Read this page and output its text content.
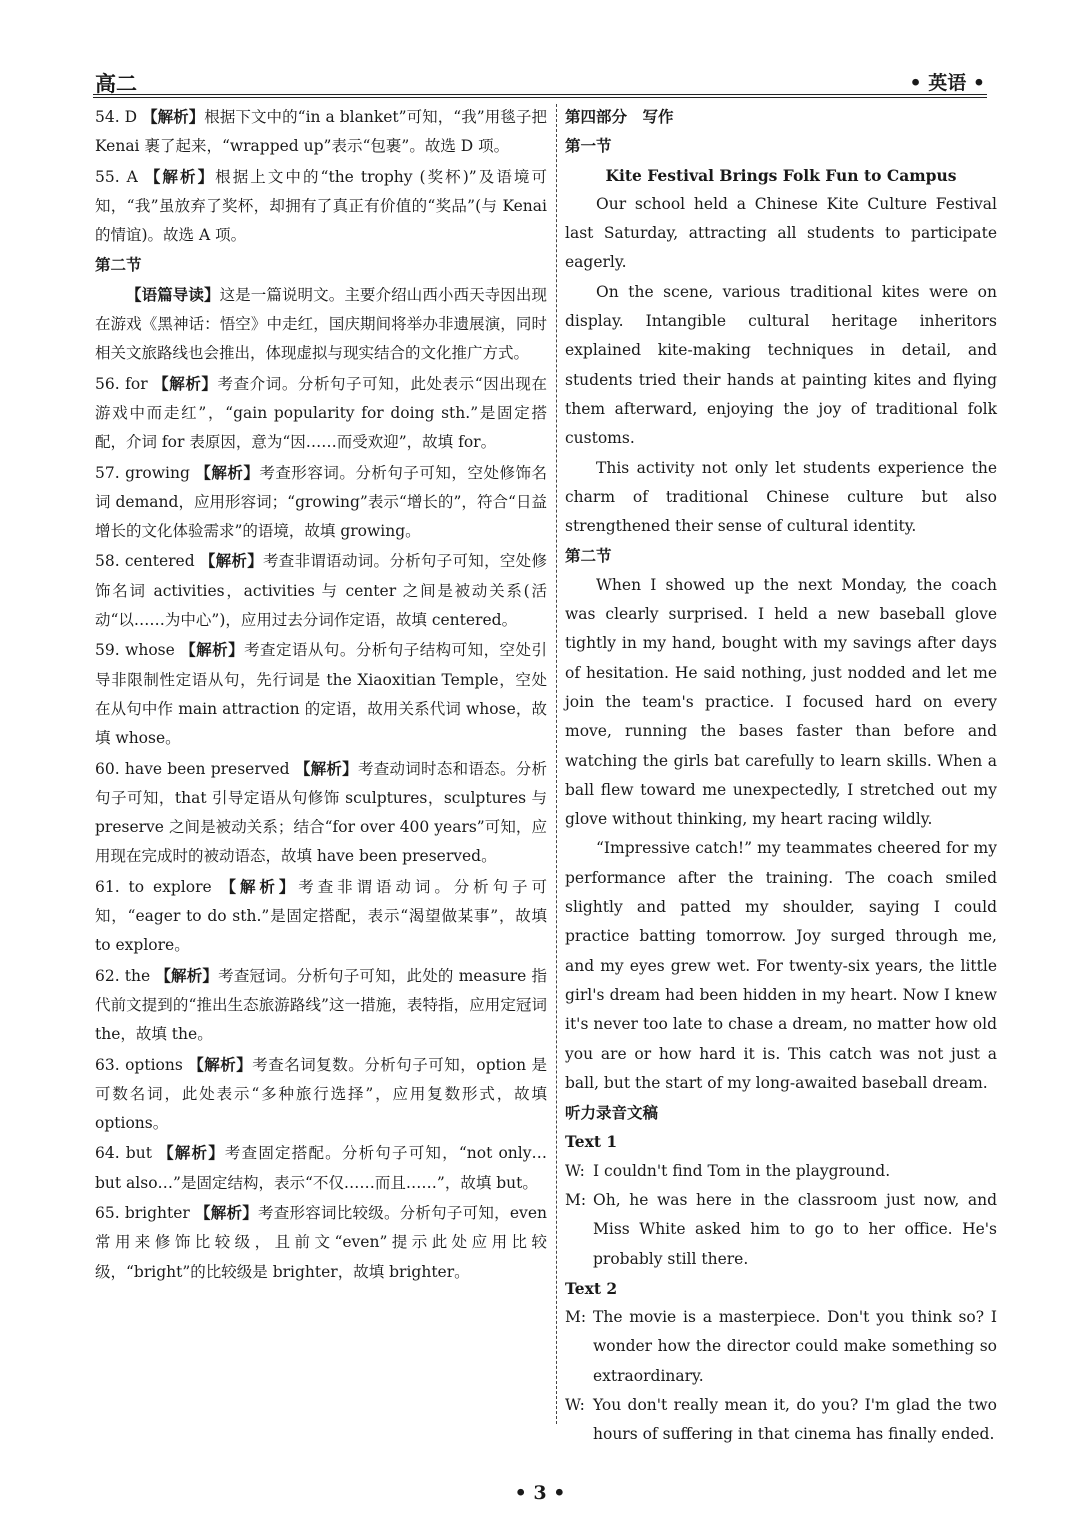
高二	• 英语 •
54. D 【解析】根据下文中的“in a blanket”可知，“我”用毯子把 Kenai 裹了起来，“wrapped up”表示“包裹”。故选 D 项。
55. A 【解析】根据上文中的“the trophy (奖杯)”及语境可知，“我”虽放弃了奖杯，却拥有了真正有价值的“奖品”(与 Kenai 的情谊)。故选 A 项。
第二节
【语篇导读】这是一篇说明文。主要介绍山西小西天寺因出现在游戏《黑神话：悟空》中走红，国庆期间将举办非遗展演，同时相关文旅路线也会推出，体现虚拟与现实结合的文化推广方式。
56. for 【解析】考查介词。分析句子可知，此处表示“因出现在游戏中而走红”，“gain popularity for doing sth.”是固定搭配，介词 for 表原因，意为“因……而受欢迎”，故填 for。
57. growing 【解析】考查形容词。分析句子可知，空处修饰名词 demand，应用形容词；“growing”表示“增长的”，符合“日益增长的文化体验需求”的语境，故填 growing。
58. centered 【解析】考查非谓语动词。分析句子可知，空处修饰名词 activities，activities 与 center 之间是被动关系(活动“以……为中心”)，应用过去分词作定语，故填 centered。
59. whose 【解析】考查定语从句。分析句子结构可知，空处引导非限制性定语从句，先行词是 the Xiaoxitian Temple，空处在从句中作 main attraction 的定语，故用关系代词 whose，故填 whose。
60. have been preserved 【解析】考查动词时态和语态。分析句子可知，that 引导定语从句修饰 sculptures，sculptures 与 preserve 之间是被动关系；结合“for over 400 years”可知，应用现在完成时的被动语态，故填 have been preserved。
61. to explore 【解析】考查非谓语动词。分析句子可知，“eager to do sth.”是固定搭配，表示“渴望做某事”，故填 to explore。
62. the 【解析】考查冠词。分析句子可知，此处的 measure 指代前文提到的“推出生态旅游路线”这一措施，表特指，应用定冠词 the，故填 the。
63. options 【解析】考查名词复数。分析句子可知，option 是可数名词，此处表示“多种旅行选择”，应用复数形式，故填 options。
64. but 【解析】考查固定搭配。分析句子可知，“not only…but also…”是固定结构，表示“不仅……而且……”，故填 but。
65. brighter 【解析】考查形容词比较级。分析句子可知，even 常用来修饰比较级，且前文“even”提示此处应用比较级，“bright”的比较级是 brighter，故填 brighter。
第四部分　写作
第一节
Kite Festival Brings Folk Fun to Campus
Our school held a Chinese Kite Culture Festival last Saturday, attracting all students to participate eagerly.
On the scene, various traditional kites were on display. Intangible cultural heritage inheritors explained kite-making techniques in detail, and students tried their hands at painting kites and flying them afterward, enjoying the joy of traditional folk customs.
This activity not only let students experience the charm of traditional Chinese culture but also strengthened their sense of cultural identity.
第二节
When I showed up the next Monday, the coach was clearly surprised. I held a new baseball glove tightly in my hand, bought with my savings after days of hesitation. He said nothing, just nodded and let me join the team's practice. I focused hard on every move, running the bases faster than before and watching the girls bat carefully to learn skills. When a ball flew toward me unexpectedly, I stretched out my glove without thinking, my heart racing wildly.
“Impressive catch!” my teammates cheered for my performance after the training. The coach smiled slightly and patted my shoulder, saying I could practice batting tomorrow. Joy surged through me, and my eyes grew wet. For twenty-six years, the little girl's dream had been hidden in my heart. Now I knew it's never too late to chase a dream, no matter how old you are or how hard it is. This catch was not just a ball, but the start of my long-awaited baseball dream.
听力录音文稿
Text 1
W: I couldn't find Tom in the playground.
M: Oh, he was here in the classroom just now, and Miss White asked him to go to her office. He's probably still there.
Text 2
M: The movie is a masterpiece. Don't you think so? I wonder how the director could make something so extraordinary.
W: You don't really mean it, do you? I'm glad the two hours of suffering in that cinema has finally ended.
• 3 •
